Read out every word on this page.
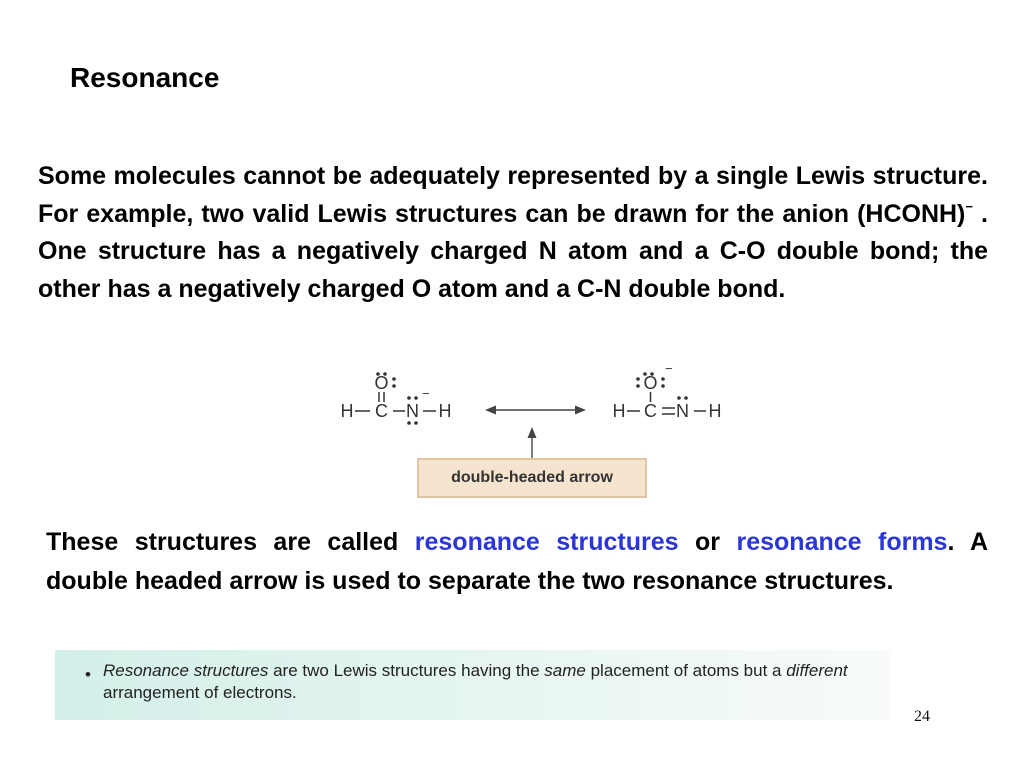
Resonance

Some molecules cannot be adequately represented by a single Lewis structure. For example, two valid Lewis structures can be drawn for the anion (HCONH)− . One structure has a negatively charged N atom and a C-O double bond; the other has a negatively charged O atom and a C-N double bond.

O
H C
−
N H
O
−
H C N H
double-headed arrow

These structures are called resonance structures or resonance forms. A double headed arrow is used to separate the two resonance structures.

• Resonance structures are two Lewis structures having the same placement of atoms but a different arrangement of electrons.

24
